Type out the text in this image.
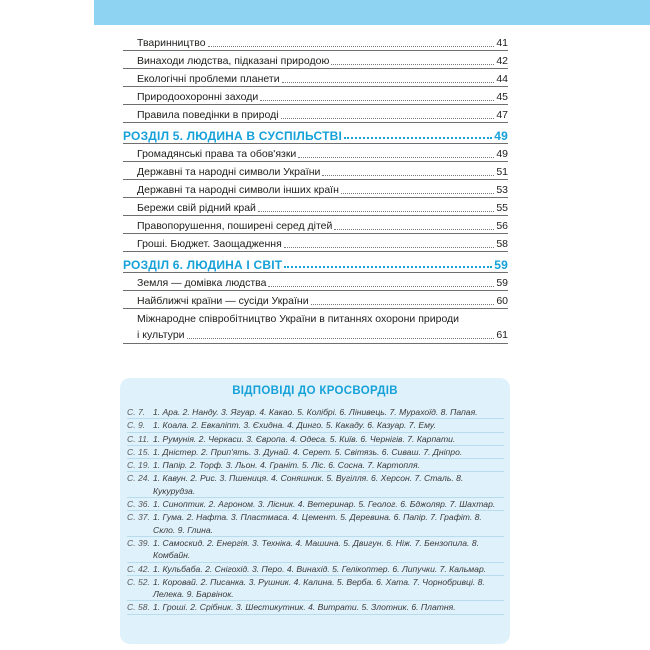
Тваринництво	41
Винаходи людства, підказані природою	42
Екологічні проблеми планети	44
Природоохоронні заходи	45
Правила поведінки в природі	47
РОЗДІЛ 5. ЛЮДИНА В СУСПІЛЬСТВІ	49
Громадянські права та обов'язки	49
Державні та народні символи України	51
Державні та народні символи інших країн	53
Бережи свій рідний край	55
Правопорушення, поширені серед дітей	56
Гроші. Бюджет. Заощадження	58
РОЗДІЛ 6. ЛЮДИНА І СВІТ	59
Земля — домівка людства	59
Найближчі країни — сусіди України	60
Міжнародне співробітництво України в питаннях охорони природи
і культури	61
ВІДПОВІДІ ДО КРОСВОРДІВ
С. 7. 1. Ара. 2. Нанду. 3. Ягуар. 4. Какао. 5. Колібрі. 6. Лінивець. 7. Мурахоїд. 8. Папая.
С. 9. 1. Коала. 2. Евкаліпт. 3. Єхидна. 4. Динго. 5. Какаду. 6. Казуар. 7. Ему.
С. 11. 1. Румунія. 2. Черкаси. 3. Європа. 4. Одеса. 5. Київ. 6. Чернігів. 7. Карпати.
С. 15. 1. Дністер. 2. Прип'ять. 3. Дунай. 4. Серет. 5. Світязь. 6. Сиваш. 7. Дніпро.
С. 19. 1. Папір. 2. Торф. 3. Льон. 4. Граніт. 5. Ліс. 6. Сосна. 7. Картопля.
С. 24. 1. Кавун. 2. Рис. 3. Пшениця. 4. Соняшник. 5. Вугілля. 6. Херсон. 7. Сталь. 8. Кукурудза.
С. 36. 1. Синоптик. 2. Агроном. 3. Лісник. 4. Ветеринар. 5. Геолог. 6. Бджоляр. 7. Шахтар.
С. 37. 1. Гума. 2. Нафта. 3. Пластмаса. 4. Цемент. 5. Деревина. 6. Папір. 7. Графіт. 8. Скло. 9. Глина.
С. 39. 1. Самоскид. 2. Енергія. 3. Техніка. 4. Машина. 5. Двигун. 6. Ніж. 7. Бензопила. 8. Комбайн.
С. 42. 1. Кульбаба. 2. Снігохід. 3. Перо. 4. Винахід. 5. Гелікоптер. 6. Липучки. 7. Кальмар.
С. 52. 1. Коровай. 2. Писанка. 3. Рушник. 4. Калина. 5. Верба. 6. Хата. 7. Чорнобривці. 8. Лелека. 9. Барвінок.
С. 58. 1. Гроші. 2. Срібник. 3. Шестикутник. 4. Витрати. 5. Злотник. 6. Платня.
